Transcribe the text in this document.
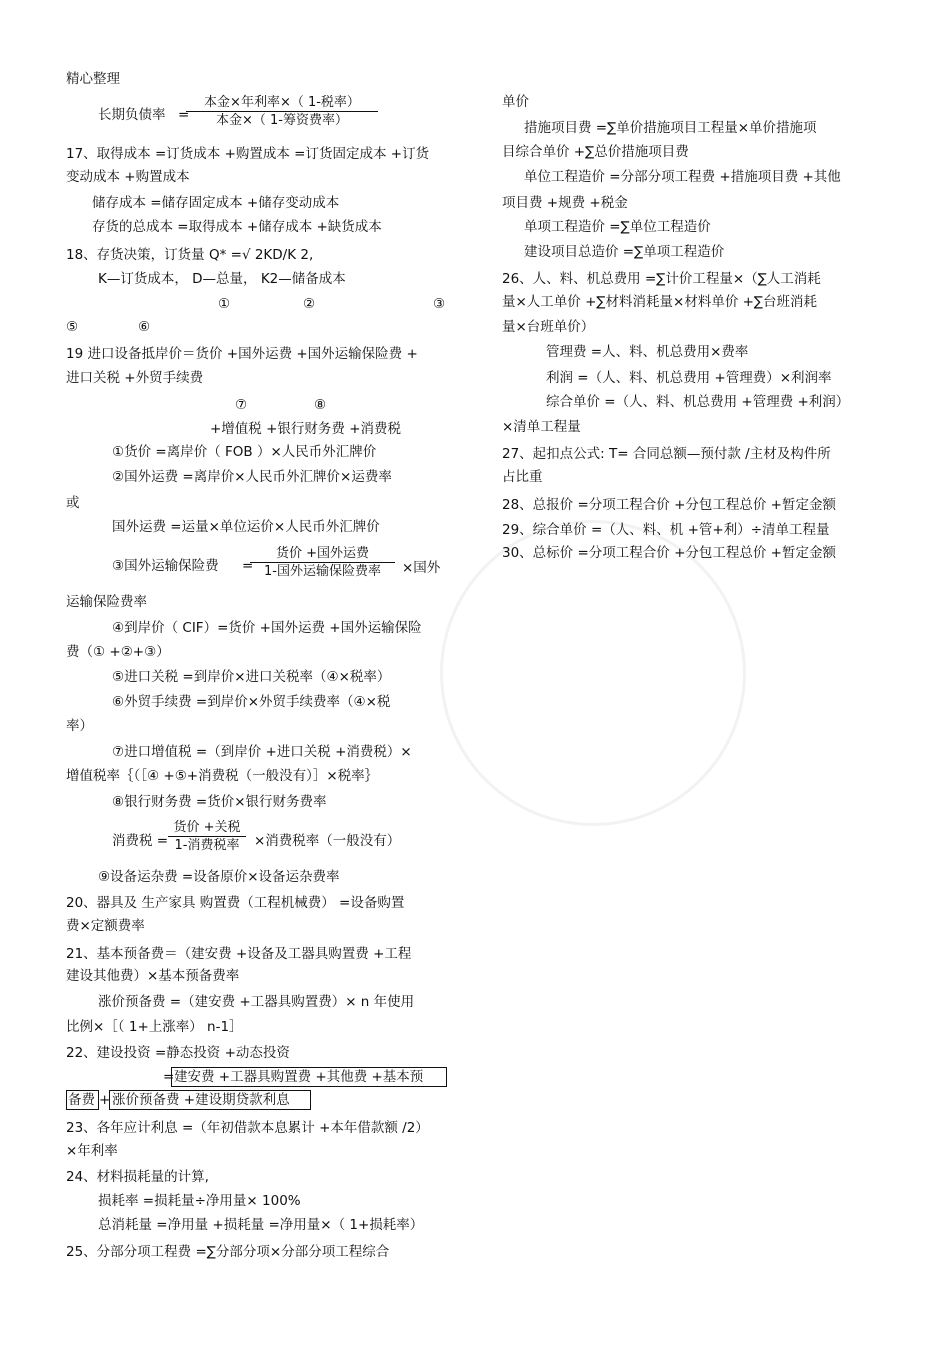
精心整理
长期负债率 =
本金×年利率×（ 1-税率）
本金×（ 1-筹资费率）
17、取得成本 =订货成本 +购置成本 =订货固定成本 +订货
变动成本 +购置成本
储存成本 =储存固定成本 +储存变动成本
存货的总成本 =取得成本 +储存成本 +缺货成本
18、存货决策，订货量 Q* =√ 2KD/K 2,
K—订货成本， D—总量， K2—储备成本
①	②	③
⑤	⑥
19 进口设备抵岸价＝货价 +国外运费 +国外运输保险费 +
进口关税 +外贸手续费
⑦	⑧
+增值税 +银行财务费 +消费税
①货价 =离岸价（ FOB ）×人民币外汇牌价
②国外运费 =离岸价×人民币外汇牌价×运费率
或
国外运费 =运量×单位运价×人民币外汇牌价
③国外运输保险费 =
货价 +国外运费
1-国外运输保险费率	×国外
运输保险费率
④到岸价（ CIF）=货价 +国外运费 +国外运输保险
费（① +②+③）
⑤进口关税 =到岸价×进口关税率（④×税率）
⑥外贸手续费 =到岸价×外贸手续费率（④×税
率）
⑦进口增值税 =（到岸价 +进口关税 +消费税）×
增值税率｛（［④ +⑤+消费税（一般没有）］×税率｝
⑧银行财务费 =货价×银行财务费率
消费税 =
货价 +关税
1-消费税率	×消费税率（一般没有）
⑨设备运杂费 =设备原价×设备运杂费率
20、器具及 生产家具 购置费（工程机械费） =设备购置
费×定额费率
21、基本预备费＝（建安费 +设备及工器具购置费 +工程
建设其他费）×基本预备费率
涨价预备费 =（建安费 +工器具购置费）× n 年使用
比例×［（ 1+上涨率） n-1］
22、建设投资 =静态投资 +动态投资
= 建安费 +工器具购置费 +其他费 +基本预
备费 + 涨价预备费 +建设期贷款利息
23、各年应计利息 =（年初借款本息累计 +本年借款额 /2）
×年利率
24、材料损耗量的计算,
损耗率 =损耗量÷净用量× 100%
总消耗量 =净用量 +损耗量 =净用量×（ 1+损耗率）
25、分部分项工程费 =∑分部分项×分部分项工程综合
单价
措施项目费 =∑单价措施项目工程量×单价措施项
目综合单价 +∑总价措施项目费
单位工程造价 =分部分项工程费 +措施项目费 +其他
项目费 +规费 +税金
单项工程造价 =∑单位工程造价
建设项目总造价 =∑单项工程造价
26、人、料、机总费用 =∑计价工程量×（∑人工消耗
量×人工单价 +∑材料消耗量×材料单价 +∑台班消耗
量×台班单价）
管理费 =人、料、机总费用×费率
利润 =（人、料、机总费用 +管理费）×利润率
综合单价 =（人、料、机总费用 +管理费 +利润）
×清单工程量
27、起扣点公式: T= 合同总额—预付款 /主材及构件所
占比重
28、总报价 =分项工程合价 +分包工程总价 +暂定金额
29、综合单价 =（人、料、机 +管+利）÷清单工程量
30、总标价 =分项工程合价 +分包工程总价 +暂定金额
